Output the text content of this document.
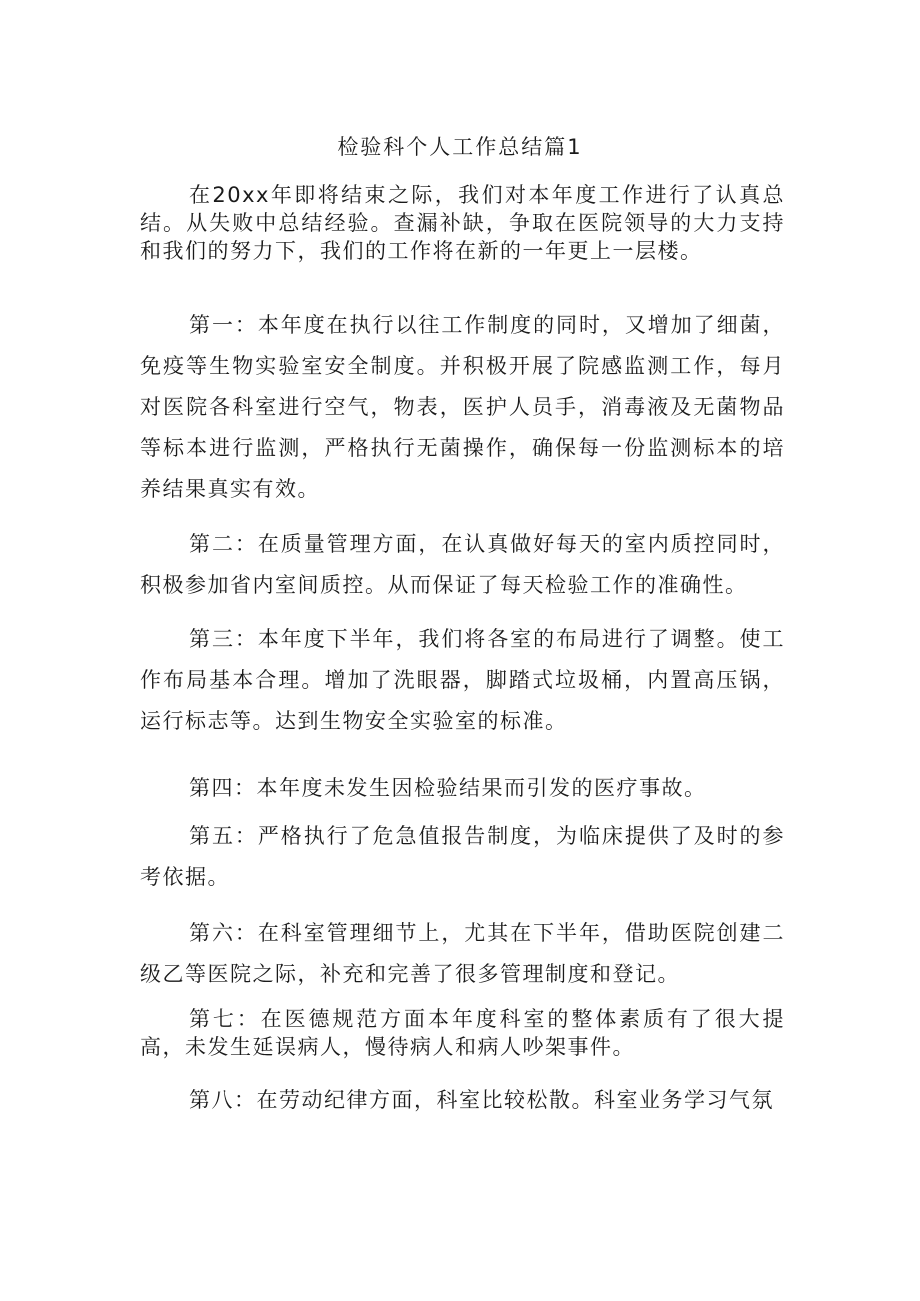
检验科个人工作总结篇1
在20xx年即将结束之际，我们对本年度工作进行了认真总结。从失败中总结经验。查漏补缺，争取在医院领导的大力支持和我们的努力下，我们的工作将在新的一年更上一层楼。
第一：本年度在执行以往工作制度的同时，又增加了细菌，免疫等生物实验室安全制度。并积极开展了院感监测工作，每月对医院各科室进行空气，物表，医护人员手，消毒液及无菌物品等标本进行监测，严格执行无菌操作，确保每一份监测标本的培养结果真实有效。
第二：在质量管理方面，在认真做好每天的室内质控同时，积极参加省内室间质控。从而保证了每天检验工作的准确性。
第三：本年度下半年，我们将各室的布局进行了调整。使工作布局基本合理。增加了洗眼器，脚踏式垃圾桶，内置高压锅，运行标志等。达到生物安全实验室的标准。
第四：本年度未发生因检验结果而引发的医疗事故。
第五：严格执行了危急值报告制度，为临床提供了及时的参考依据。
第六：在科室管理细节上，尤其在下半年，借助医院创建二级乙等医院之际，补充和完善了很多管理制度和登记。
第七：在医德规范方面本年度科室的整体素质有了很大提高，未发生延误病人，慢待病人和病人吵架事件。
第八：在劳动纪律方面，科室比较松散。科室业务学习气氛
